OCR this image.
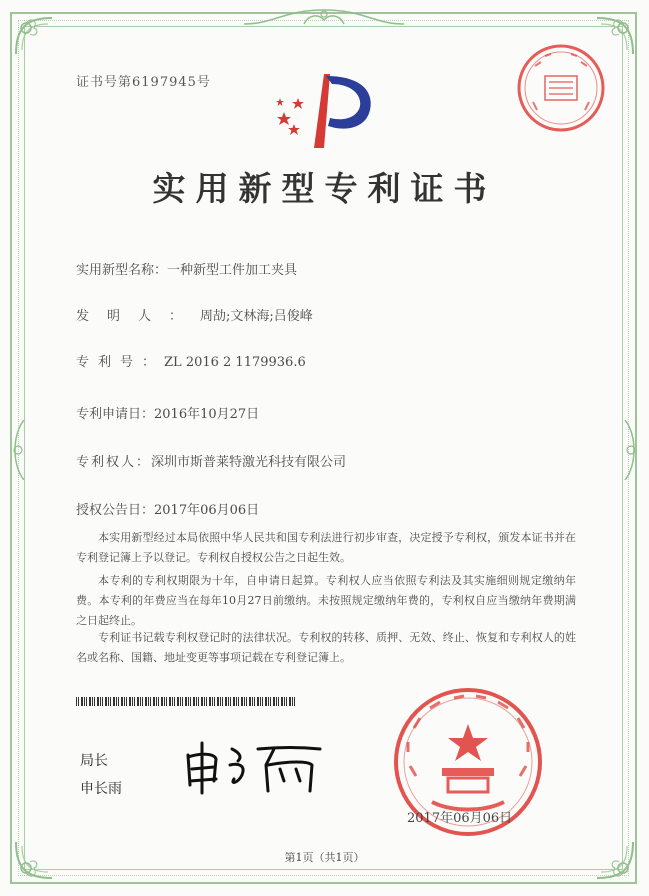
证书号第6197945号
实用新型专利证书
实用新型名称：一种新型工件加工夹具
发明人：周劼;文林海;吕俊峰
专利号：ZL 2016 2 1179936.6
专利申请日：2016年10月27日
专利权人：深圳市斯普莱特激光科技有限公司
授权公告日：2017年06月06日

本实用新型经过本局依照中华人民共和国专利法进行初步审查，决定授予专利权，颁发本证书并在专利登记簿上予以登记。专利权自授权公告之日起生效。

本专利的专利权期限为十年，自申请日起算。专利权人应当依照专利法及其实施细则规定缴纳年费。本专利的年费应当在每年10月27日前缴纳。未按照规定缴纳年费的，专利权自应当缴纳年费期满之日起终止。

专利证书记载专利权登记时的法律状况。专利权的转移、质押、无效、终止、恢复和专利权人的姓名或名称、国籍、地址变更等事项记载在专利登记簿上。

局长
申长雨
2017年06月06日
第1页（共1页）
